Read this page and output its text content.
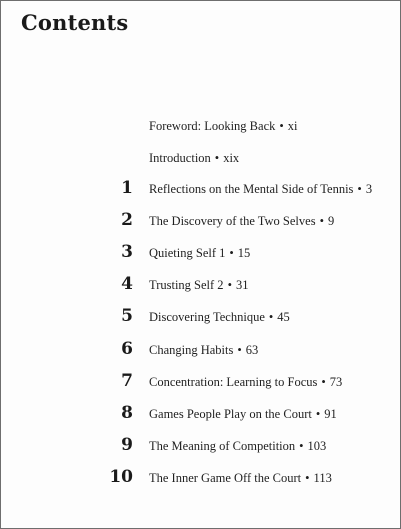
Contents
Foreword: Looking Back • xi
Introduction • xix
1 Reflections on the Mental Side of Tennis • 3
2 The Discovery of the Two Selves • 9
3 Quieting Self 1 • 15
4 Trusting Self 2 • 31
5 Discovering Technique • 45
6 Changing Habits • 63
7 Concentration: Learning to Focus • 73
8 Games People Play on the Court • 91
9 The Meaning of Competition • 103
10 The Inner Game Off the Court • 113
